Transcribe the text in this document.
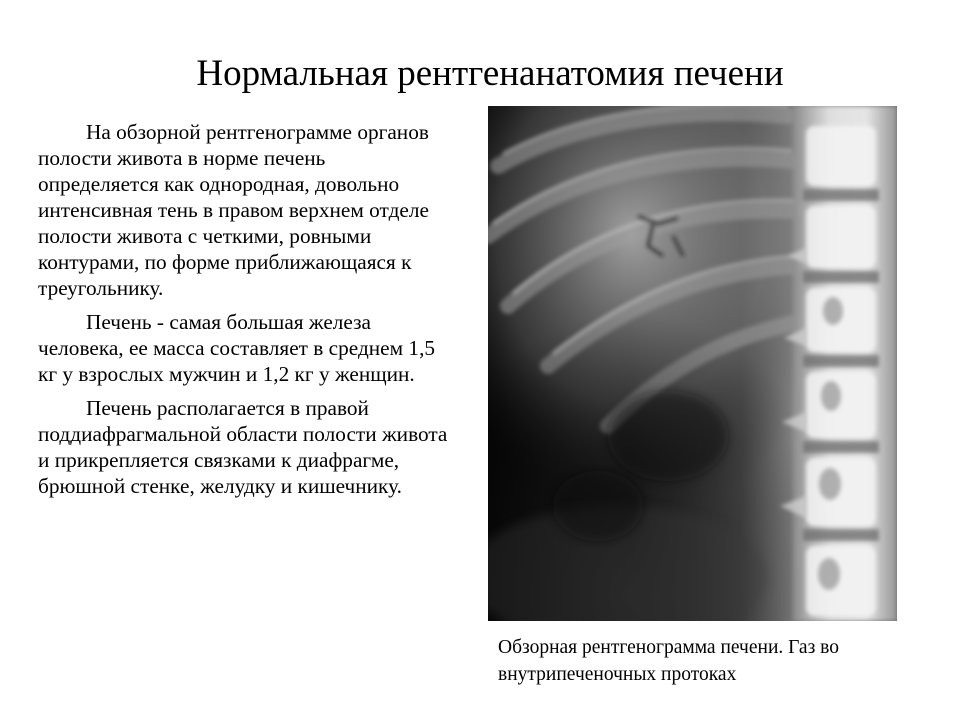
Нормальная рентгенанатомия печени

На обзорной рентгенограмме органов полости живота в норме печень определяется как однородная, довольно интенсивная тень в правом верхнем отделе полости живота с четкими, ровными контурами, по форме приближающаяся к треугольнику.

Печень - самая большая железа человека, ее масса составляет в среднем 1,5 кг у взрослых мужчин и 1,2 кг у женщин.

Печень располагается в правой поддиафрагмальной области полости живота и прикрепляется связками к диафрагме, брюшной стенке, желудку и кишечнику.

Обзорная рентгенограмма печени. Газ во внутрипеченочных протоках
